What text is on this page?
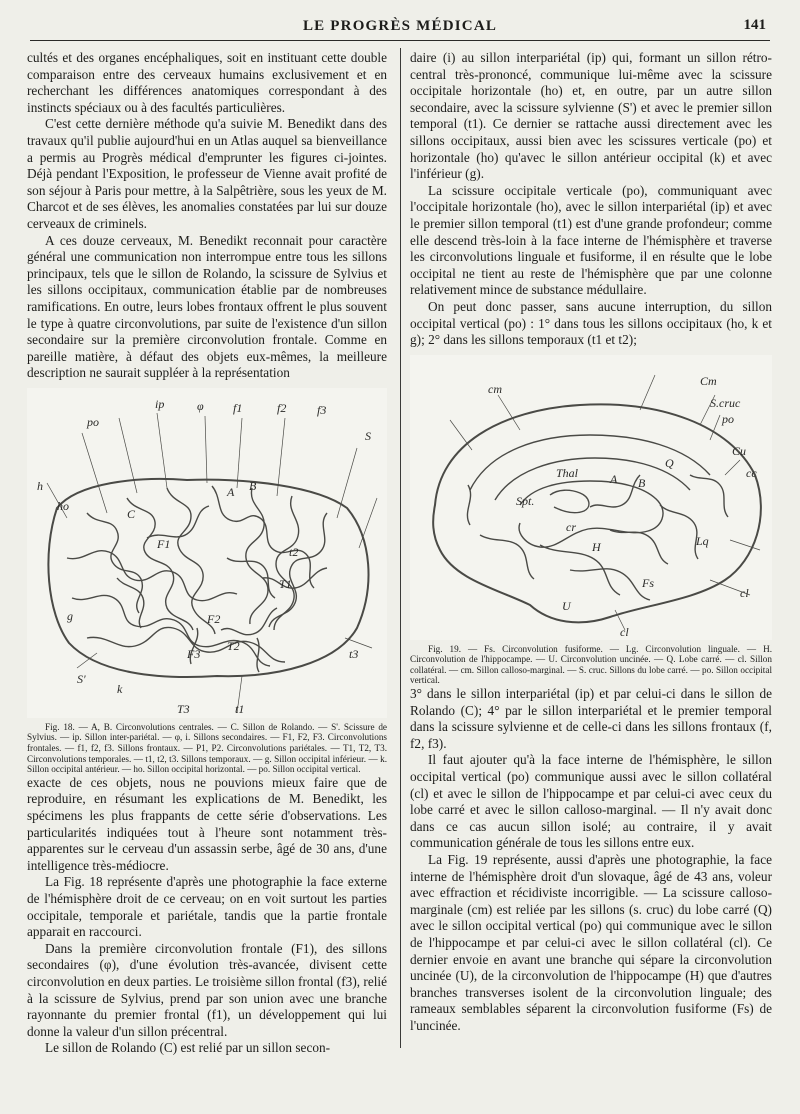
LE PROGRÈS MÉDICAL	141

cultés et des organes encéphaliques, soit en instituant cette double comparaison entre des cerveaux humains exclusivement et en recherchant les différences anatomiques correspondant à des instincts spéciaux ou à des facultés particulières.

C'est cette dernière méthode qu'a suivie M. Benedikt dans des travaux qu'il publie aujourd'hui en un Atlas auquel sa bienveillance a permis au Progrès médical d'emprunter les figures ci-jointes. Déjà pendant l'Exposition, le professeur de Vienne avait profité de son séjour à Paris pour mettre, à la Salpêtrière, sous les yeux de M. Charcot et de ses élèves, les anomalies constatées par lui sur douze cerveaux de criminels.

A ces douze cerveaux, M. Benedikt reconnait pour caractère général une communication non interrompue entre tous les sillons principaux, tels que le sillon de Rolando, la scissure de Sylvius et les sillons occipitaux, communication établie par de nombreuses ramifications. En outre, leurs lobes frontaux offrent le plus souvent le type à quatre circonvolutions, par suite de l'existence d'un sillon secondaire sur la première circonvolution frontale. Comme en pareille matière, à défaut des objets eux-mêmes, la meilleure description ne saurait suppléer à la représentation

A B
C
ip	φ f1	f2	f3
F1
F2
F3
S'
k
h
T1
T2
T3	t1
t2
t3
g
po
ho
S

Fig. 18. — A, B. Circonvolutions centrales. — C. Sillon de Rolando. — S'. Scissure de Sylvius. — ip. Sillon inter-pariétal. — φ, i. Sillons secondaires. — F1, F2, F3. Circonvolutions frontales. — f1, f2, f3. Sillons frontaux. — P1, P2. Circonvolutions pariétales. — T1, T2, T3. Circonvolutions temporales. — t1, t2, t3. Sillons temporaux. — g. Sillon occipital inférieur. — k. Sillon occipital antérieur. — ho. Sillon occipital horizontal. — po. Sillon occipital vertical.

exacte de ces objets, nous ne pouvions mieux faire que de reproduire, en résumant les explications de M. Benedikt, les spécimens les plus frappants de cette série d'observations. Les particularités indiquées tout à l'heure sont notamment très-apparentes sur le cerveau d'un assassin serbe, âgé de 30 ans, d'une intelligence très-médiocre.

La Fig. 18 représente d'après une photographie la face externe de l'hémisphère droit de ce cerveau; on en voit surtout les parties occipitale, temporale et pariétale, tandis que la partie frontale apparait en raccourci.

Dans la première circonvolution frontale (F1), des sillons secondaires (φ), d'une évolution très-avancée, divisent cette circonvolution en deux parties. Le troisième sillon frontal (f3), relié à la scissure de Sylvius, prend par son union avec une branche rayonnante du premier frontal (f1), un développement qui lui donne la valeur d'un sillon précentral.

Le sillon de Rolando (C) est relié par un sillon secon-

daire (i) au sillon interpariétal (ip) qui, formant un sillon rétro-central très-prononcé, communique lui-même avec la scissure occipitale horizontale (ho) et, en outre, par un autre sillon secondaire, avec la scissure sylvienne (S') et avec le premier sillon temporal (t1). Ce dernier se rattache aussi directement avec les sillons occipitaux, aussi bien avec les scissures verticale (po) et horizontale (ho) qu'avec le sillon antérieur occipital (k) et avec l'inférieur (g).

La scissure occipitale verticale (po), communiquant avec l'occipitale horizontale (ho), avec le sillon interpariétal (ip) et avec le premier sillon temporal (t1) est d'une grande profondeur; comme elle descend très-loin à la face interne de l'hémisphère et traverse les circonvolutions linguale et fusiforme, il en résulte que le lobe occipital ne tient au reste de l'hémisphère que par une colonne relativement mince de substance médullaire.

On peut donc passer, sans aucune interruption, du sillon occipital vertical (po) : 1° dans tous les sillons occipitaux (ho, k et g); 2° dans les sillons temporaux (t1 et t2);

Cm
cm
A B
S.cruc
po
Cu
Q
Thal
Spt.
cr
H	Lq
Fs
U
cl
cc
cl

Fig. 19. — Fs. Circonvolution fusiforme. — Lg. Circonvolution linguale. — H. Circonvolution de l'hippocampe. — U. Circonvolution uncinée. — Q. Lobe carré. — cl. Sillon collatéral. — cm. Sillon calloso-marginal. — S. cruc. Sillons du lobe carré. — po. Sillon occipital vertical.

3° dans le sillon interpariétal (ip) et par celui-ci dans le sillon de Rolando (C); 4° par le sillon interpariétal et le premier temporal dans la scissure sylvienne et de celle-ci dans les sillons frontaux (f, f2, f3).

Il faut ajouter qu'à la face interne de l'hémisphère, le sillon occipital vertical (po) communique aussi avec le sillon collatéral (cl) et avec le sillon de l'hippocampe et par celui-ci avec ceux du lobe carré et avec le sillon calloso-marginal. — Il n'y avait donc dans ce cas aucun sillon isolé; au contraire, il y avait communication générale de tous les sillons entre eux.

La Fig. 19 représente, aussi d'après une photographie, la face interne de l'hémisphère droit d'un slovaque, âgé de 43 ans, voleur avec effraction et récidiviste incorrigible. — La scissure calloso-marginale (cm) est reliée par les sillons (s. cruc) du lobe carré (Q) avec le sillon occipital vertical (po) qui communique avec le sillon de l'hippocampe et par celui-ci avec le sillon collatéral (cl). Ce dernier envoie en avant une branche qui sépare la circonvolution uncinée (U), de la circonvolution de l'hippocampe (H) que d'autres branches transverses isolent de la circonvolution linguale; des rameaux semblables séparent la circonvolution fusiforme (Fs) de l'uncinée.
